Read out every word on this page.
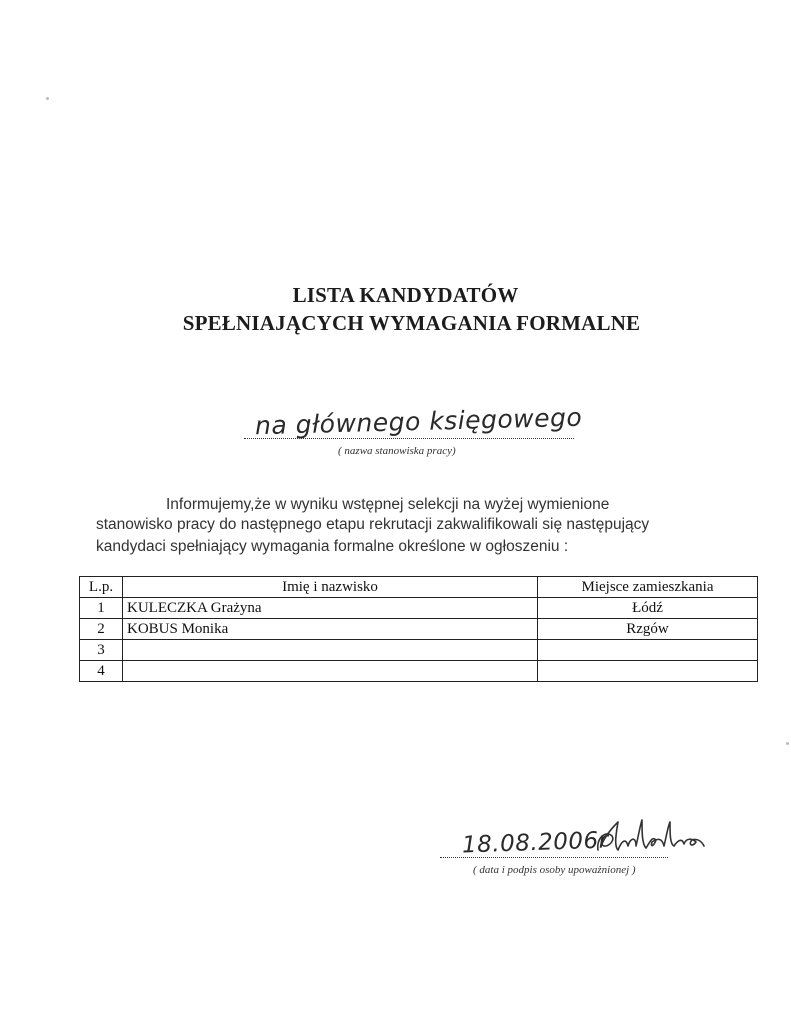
LISTA KANDYDATÓW
SPEŁNIAJĄCYCH WYMAGANIA FORMALNE
na głównego księgowego
( nazwa stanowiska pracy)
Informujemy,że w wyniku wstępnej selekcji na wyżej wymienione
stanowisko pracy do następnego etapu rekrutacji zakwalifikowali się następujący
kandydaci spełniający wymagania formalne określone w ogłoszeniu :
L.p.	Imię i nazwisko	Miejsce zamieszkania
1	KULECZKA Grażyna	Łódź
2	KOBUS Monika	Rzgów
3		
4		
18.08.2006r
( data i podpis osoby upoważnionej )
